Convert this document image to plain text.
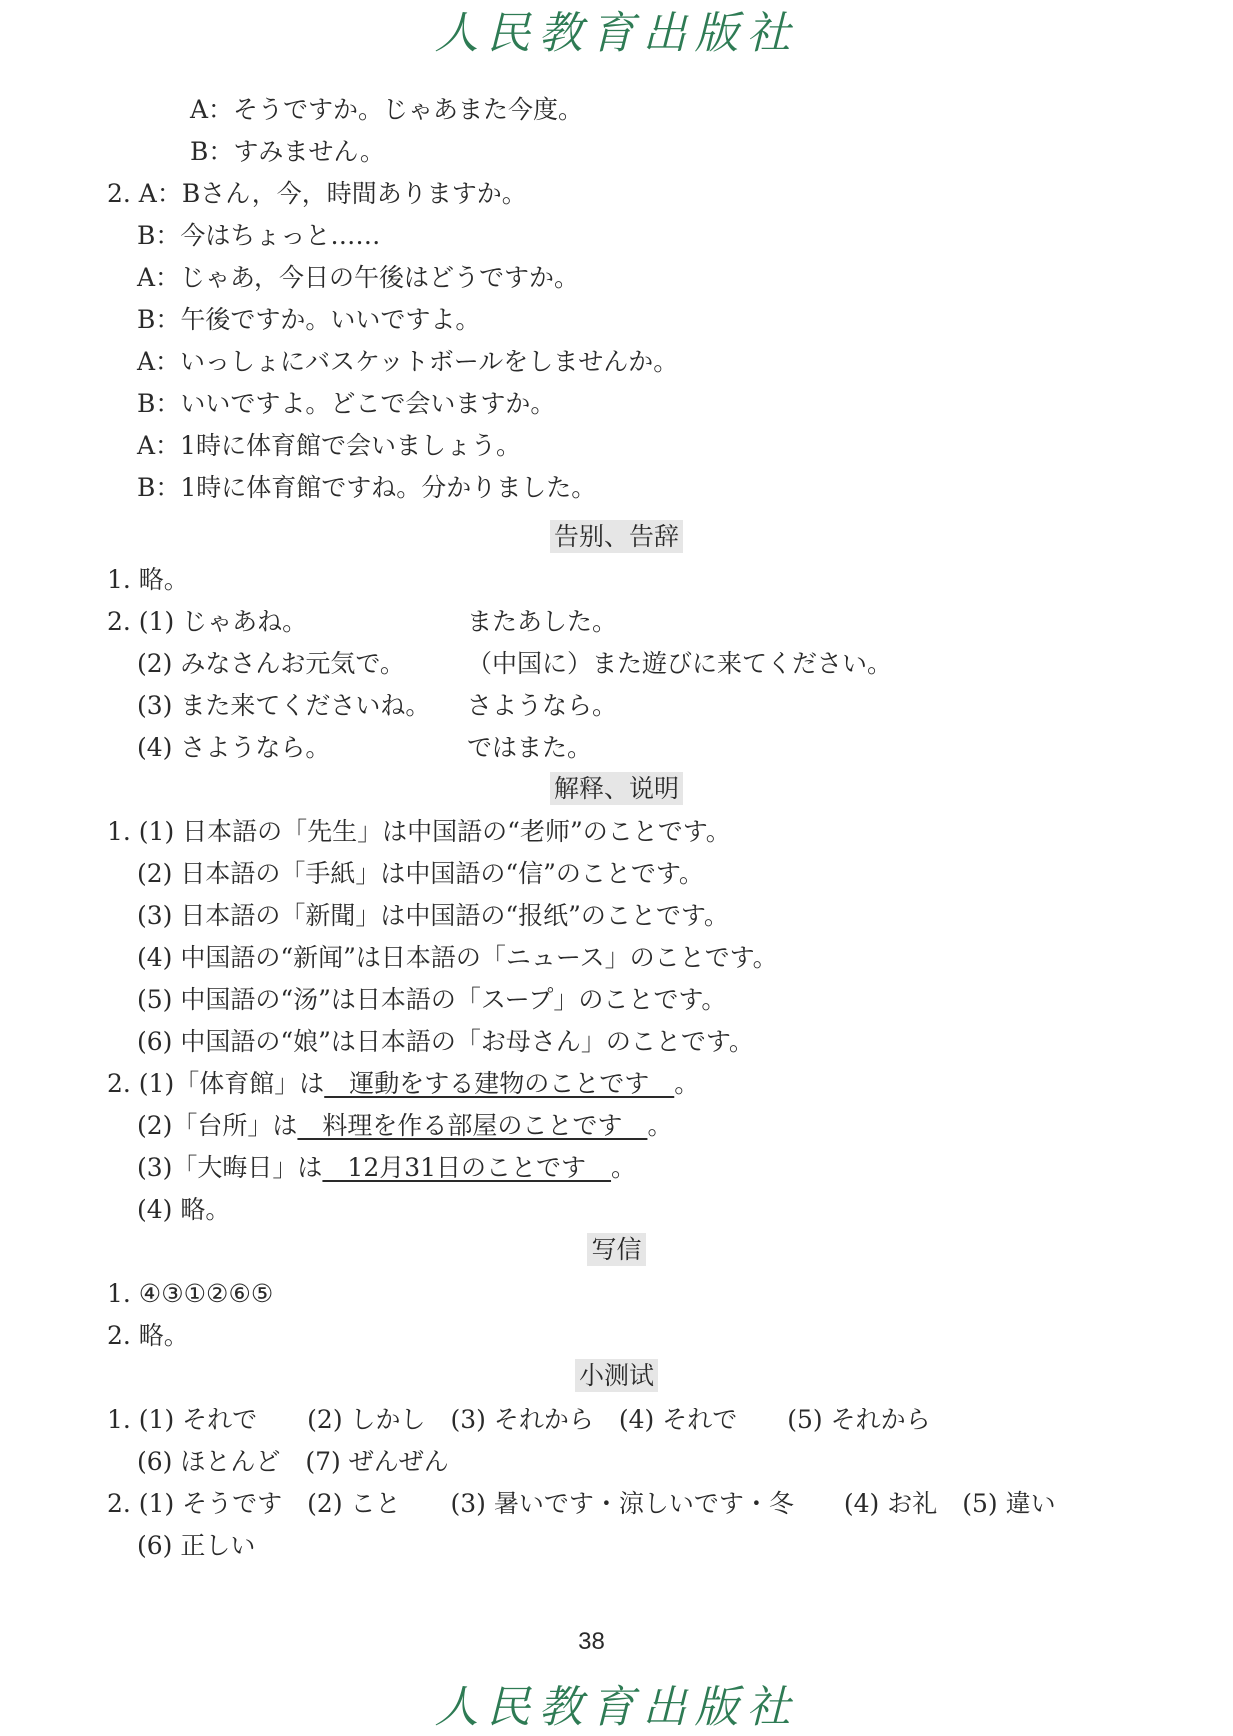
人民教育出版社
A：そうですか。じゃあまた今度。
B：すみません。
2. A：Bさん，今，時間ありますか。
B：今はちょっと……
A：じゃあ，今日の午後はどうですか。
B：午後ですか。いいですよ。
A：いっしょにバスケットボールをしませんか。
B：いいですよ。どこで会いますか。
A：1時に体育館で会いましょう。
B：1時に体育館ですね。分かりました。
告别、告辞
1. 略。
2. (1) じゃあね。	またあした。
(2) みなさんお元気で。 （中国に）また遊びに来てください。
(3) また来てくださいね。 さようなら。
(4) さようなら。	ではまた。
解释、说明
1. (1) 日本語の「先生」は中国語の“老师”のことです。
(2) 日本語の「手紙」は中国語の“信”のことです。
(3) 日本語の「新聞」は中国語の“报纸”のことです。
(4) 中国語の“新闻”は日本語の「ニュース」のことです。
(5) 中国語の“汤”は日本語の「スープ」のことです。
(6) 中国語の“娘”は日本語の「お母さん」のことです。
2. (1)「体育館」は　運動をする建物のことです　。
(2)「台所」は　料理を作る部屋のことです　。
(3)「大晦日」は　12月31日のことです　。
(4) 略。
写信
1. ④③①②⑥⑤
2. 略。
小测试
1. (1) それで　　(2) しかし　(3) それから　(4) それで　　(5) それから
(6) ほとんど　(7) ぜんぜん
2. (1) そうです　(2) こと　　(3) 暑いです・涼しいです・冬　　(4) お礼　(5) 違い
(6) 正しい
38
人民教育出版社
